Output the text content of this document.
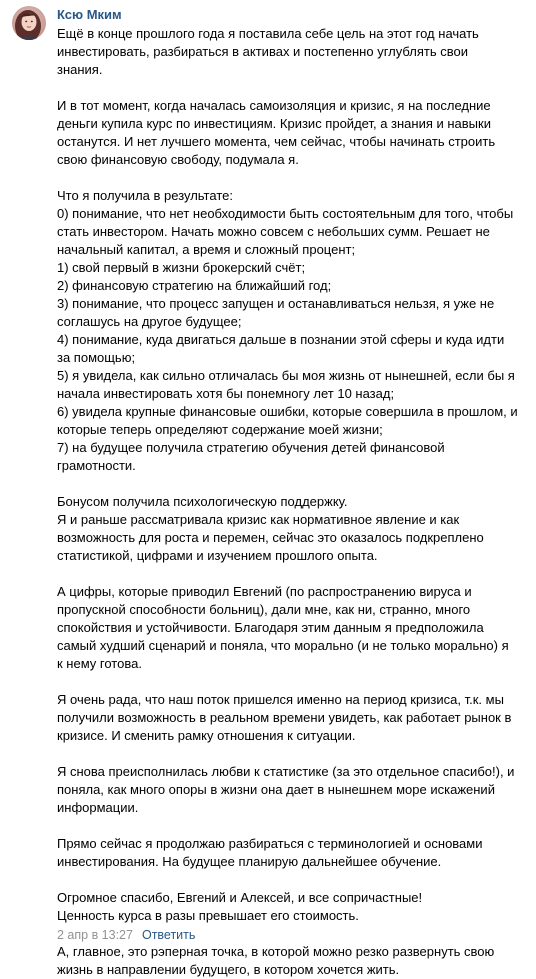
Ксю Мким
Ещё в конце прошлого года я поставила себе цель на этот год начать
инвестировать, разбираться в активах и постепенно углублять свои
знания.
И в тот момент, когда началась самоизоляция и кризис, я на последние
деньги купила курс по инвестициям. Кризис пройдет, а знания и навыки
останутся. И нет лучшего момента, чем сейчас, чтобы начинать строить
свою финансовую свободу, подумала я.
Что я получила в результате:
0) понимание, что нет необходимости быть состоятельным для того, чтобы
стать инвестором. Начать можно совсем с небольших сумм. Решает не
начальный капитал, а время и сложный процент;
1) свой первый в жизни брокерский счёт;
2) финансовую стратегию на ближайший год;
3) понимание, что процесс запущен и останавливаться нельзя, я уже не
соглашусь на другое будущее;
4) понимание, куда двигаться дальше в познании этой сферы и куда идти
за помощью;
5) я увидела, как сильно отличалась бы моя жизнь от нынешней, если бы я
начала инвестировать хотя бы понемногу лет 10 назад;
6) увидела крупные финансовые ошибки, которые совершила в прошлом, и
которые теперь определяют содержание моей жизни;
7) на будущее получила стратегию обучения детей финансовой
грамотности.
Бонусом получила психологическую поддержку.
Я и раньше рассматривала кризис как нормативное явление и как
возможность для роста и перемен, сейчас это оказалось подкреплено
статистикой, цифрами и изучением прошлого опыта.
А цифры, которые приводил Евгений (по распространению вируса и
пропускной способности больниц), дали мне, как ни, странно, много
спокойствия и устойчивости. Благодаря этим данным я предположила
самый худший сценарий и поняла, что морально (и не только морально) я
к нему готова.
Я очень рада, что наш поток пришелся именно на период кризиса, т.к. мы
получили возможность в реальном времени увидеть, как работает рынок в
кризисе. И сменить рамку отношения к ситуации.
Я снова преисполнилась любви к статистике (за это отдельное спасибо!), и
поняла, как много опоры в жизни она дает в нынешнем море искажений
информации.
Прямо сейчас я продолжаю разбираться с терминологией и основами
инвестирования. На будущее планирую дальнейшее обучение.
Огромное спасибо, Евгений и Алексей, и все сопричастные!
Ценность курса в разы превышает его стоимость.
А, главное, это рэперная точка, в которой можно резко развернуть свою
жизнь в направлении будущего, в котором хочется жить.
2 апр в 13:27 Ответить
